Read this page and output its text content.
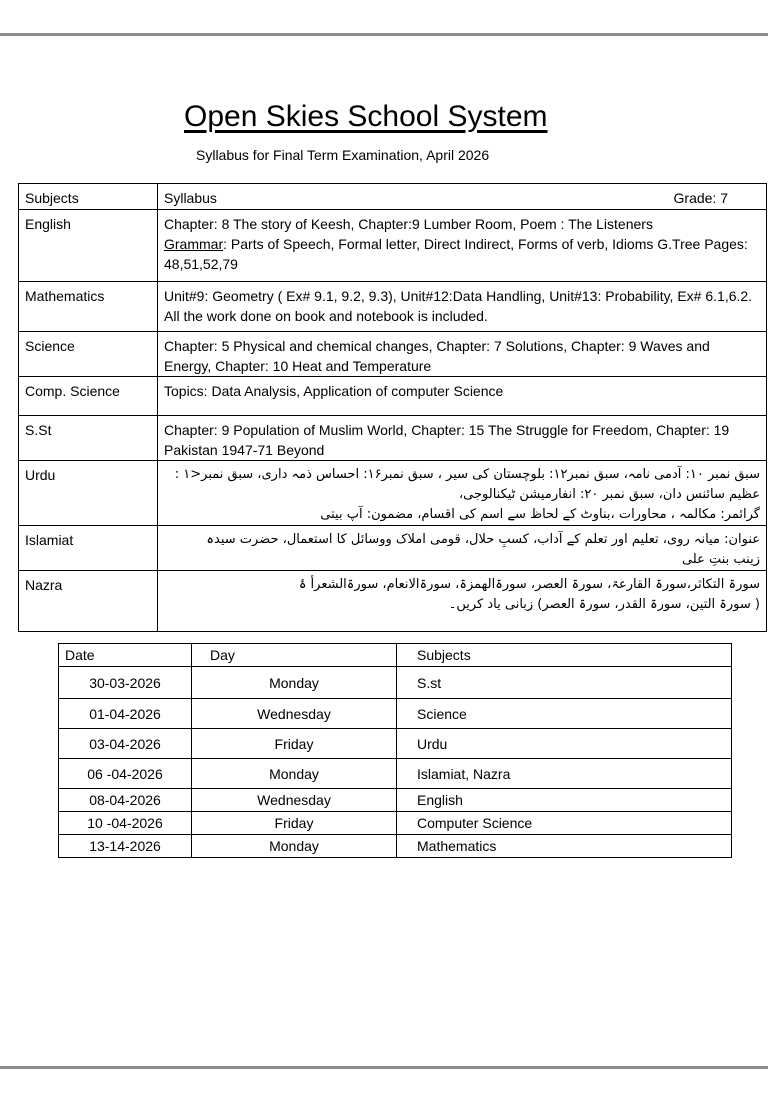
Open Skies School System
Syllabus for Final Term Examination, April 2026
Subjects	Syllabus Grade: 7

English	Chapter: 8 The story of Keesh, Chapter:9 Lumber Room, Poem : The Listeners
Grammar: Parts of Speech, Formal letter, Direct Indirect, Forms of verb, Idioms G.Tree Pages: 48,51,52,79

Mathematics	Unit#9: Geometry ( Ex# 9.1, 9.2, 9.3), Unit#12:Data Handling, Unit#13: Probability, Ex# 6.1,6.2. All the work done on book and notebook is included.
Science	Chapter: 5 Physical and chemical changes, Chapter: 7 Solutions, Chapter: 9 Waves and Energy, Chapter: 10 Heat and Temperature
Comp. Science	Topics: Data Analysis, Application of computer Science
S.St	Chapter: 9 Population of Muslim World, Chapter: 15 The Struggle for Freedom, Chapter: 19 Pakistan 1947-71 Beyond
Urdu	سبق نمبر ۱۰: آدمی نامہ، سبق نمبر۱۲: بلوچستان کی سیر ، سبق نمبر۱۶: احساس ذمہ داری، سبق نمبر<۱ :
عظیم سائنس دان، سبق نمبر ۲۰: انفارمیشن ٹیکنالوجی،
گرائمر: مکالمہ ، محاورات ،بناوٹ کے لحاظ سے اسم کی اقسام، مضمون: آپ بیتی

Islamiat	عنوان: میانہ روی، تعلیم اور تعلم کے آداب، کسبِ حلال، قومی املاک ووسائل کا استعمال، حضرت سیدہ
زینب بنتِ علی

Nazra	سورۃ التکاثر،سورۃ القارعۃ، سورۃ العصر، سورۃالھمزۃ، سورۃالانعام، سورۃالشعرأ ۂ
( سورۃ التین، سورۃ القدر، سورۃ العصر) زبانی یاد کریں۔
Date	Day	Subjects
30-03-2026	Monday	S.st
01-04-2026	Wednesday	Science
03-04-2026	Friday	Urdu
06 -04-2026	Monday	Islamiat, Nazra
08-04-2026	Wednesday	English
10 -04-2026	Friday	Computer Science
13-14-2026	Monday	Mathematics
